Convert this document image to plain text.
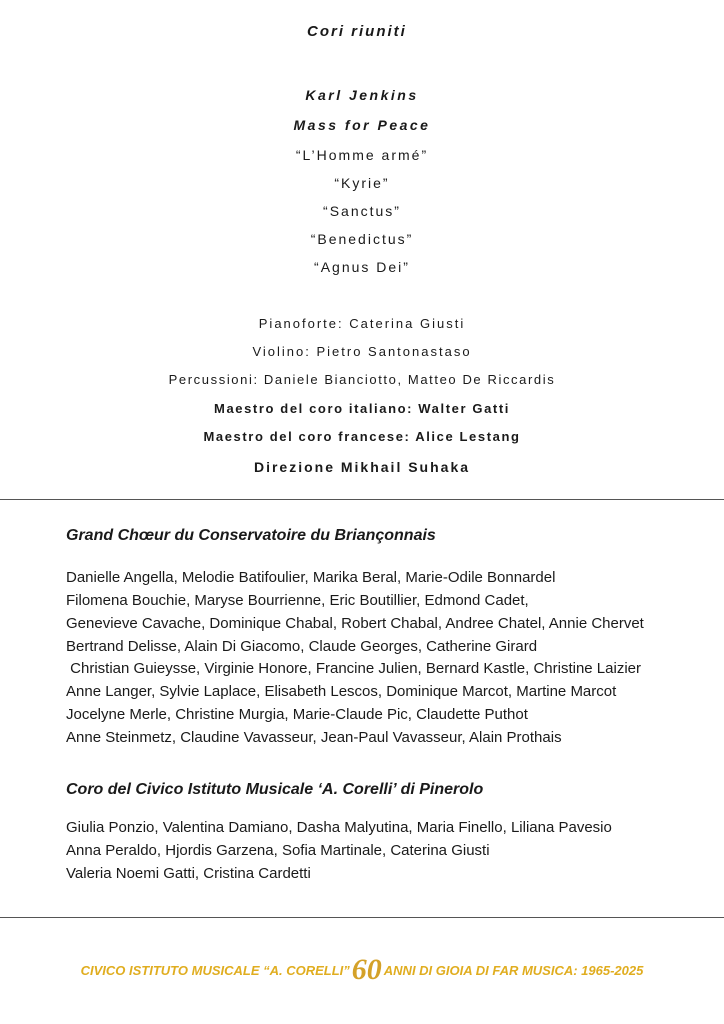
Cori riuniti
Karl Jenkins
Mass for Peace
“L’Homme armé”
“Kyrie”
“Sanctus”
“Benedictus”
“Agnus Dei”
Pianoforte: Caterina Giusti
Violino: Pietro Santonastaso
Percussioni: Daniele Bianciotto, Matteo De Riccardis
Maestro del coro italiano: Walter Gatti
Maestro del coro francese: Alice Lestang
Direzione Mikhail Suhaka
Grand Chœur du Conservatoire du Briançonnais
Danielle Angella, Melodie Batifoulier, Marika Beral, Marie-Odile Bonnardel
Filomena Bouchie, Maryse Bourrienne, Eric Boutillier, Edmond Cadet,
Genevieve Cavache, Dominique Chabal, Robert Chabal, Andree Chatel, Annie Chervet
Bertrand Delisse, Alain Di Giacomo, Claude Georges, Catherine Girard
Christian Guieysse, Virginie Honore, Francine Julien, Bernard Kastle, Christine Laizier
Anne Langer, Sylvie Laplace, Elisabeth Lescos, Dominique Marcot, Martine Marcot
Jocelyne Merle, Christine Murgia, Marie-Claude Pic, Claudette Puthot
Anne Steinmetz, Claudine Vavasseur, Jean-Paul Vavasseur, Alain Prothais
Coro del Civico Istituto Musicale ‘A. Corelli’ di Pinerolo
Giulia Ponzio, Valentina Damiano, Dasha Malyutina, Maria Finello, Liliana Pavesio
Anna Peraldo, Hjordis Garzena, Sofia Martinale, Caterina Giusti
Valeria Noemi Gatti, Cristina Cardetti
CIVICO ISTITUTO MUSICALE “A. CORELLI” 60 ANNI DI GIOIA DI FAR MUSICA: 1965-2025
